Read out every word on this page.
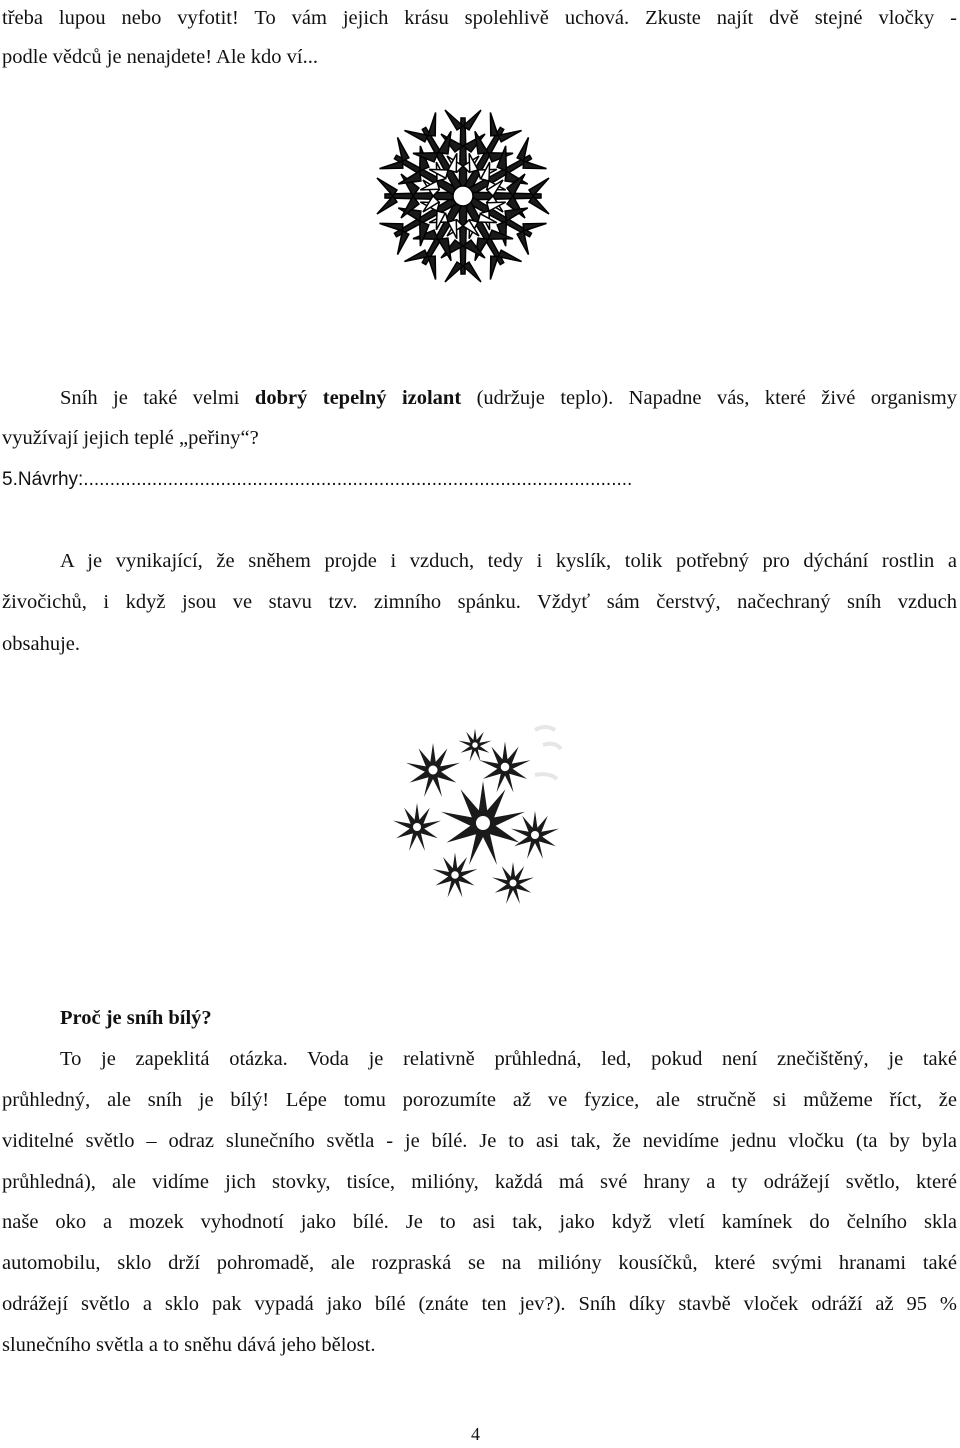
třeba lupou nebo vyfotit! To vám jejich krásu spolehlivě uchová. Zkuste najít dvě stejné vločky -
podle vědců je nenajdete! Ale kdo ví...
Sníh je také velmi dobrý tepelný izolant (udržuje teplo). Napadne vás, které živé organismy
využívají jejich teplé „peřiny“?
5.Návrhy:........................................................................................................
A je vynikající, že sněhem projde i vzduch, tedy i kyslík, tolik potřebný pro dýchání rostlin a
živočichů, i když jsou ve stavu tzv. zimního spánku. Vždyť sám čerstvý, načechraný sníh vzduch
obsahuje.
Proč je sníh bílý?
To je zapeklitá otázka. Voda je relativně průhledná, led, pokud není znečištěný, je také
průhledný, ale sníh je bílý! Lépe tomu porozumíte až ve fyzice, ale stručně si můžeme říct, že
viditelné světlo – odraz slunečního světla - je bílé. Je to asi tak, že nevidíme jednu vločku (ta by byla
průhledná), ale vidíme jich stovky, tisíce, milióny, každá má své hrany a ty odrážejí světlo, které
naše oko a mozek vyhodnotí jako bílé. Je to asi tak, jako když vletí kamínek do čelního skla
automobilu, sklo drží pohromadě, ale rozpraská se na milióny kousíčků, které svými hranami také
odrážejí světlo a sklo pak vypadá jako bílé (znáte ten jev?). Sníh díky stavbě vloček odráží až 95 %
slunečního světla a to sněhu dává jeho bělost.
4
